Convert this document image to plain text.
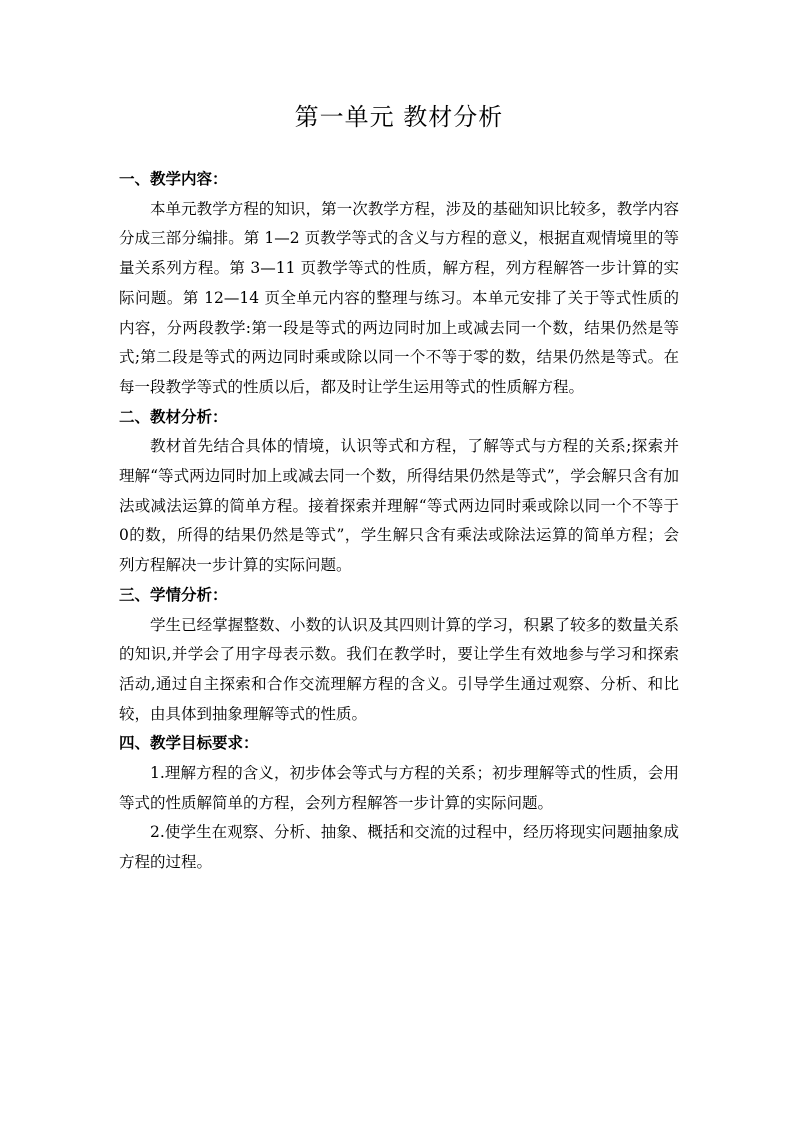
第一单元 教材分析

一、教学内容：

本单元教学方程的知识，第一次教学方程，涉及的基础知识比较多，教学内容分成三部分编排。第 1—2 页教学等式的含义与方程的意义，根据直观情境里的等量关系列方程。第 3—11 页教学等式的性质，解方程，列方程解答一步计算的实际问题。第 12—14 页全单元内容的整理与练习。本单元安排了关于等式性质的内容，分两段教学:第一段是等式的两边同时加上或减去同一个数，结果仍然是等式;第二段是等式的两边同时乘或除以同一个不等于零的数，结果仍然是等式。在每一段教学等式的性质以后，都及时让学生运用等式的性质解方程。

二、教材分析：

教材首先结合具体的情境，认识等式和方程，了解等式与方程的关系;探索并理解“等式两边同时加上或减去同一个数，所得结果仍然是等式”，学会解只含有加法或减法运算的简单方程。接着探索并理解“等式两边同时乘或除以同一个不等于0的数，所得的结果仍然是等式”，学生解只含有乘法或除法运算的简单方程；会列方程解决一步计算的实际问题。

三、学情分析：

学生已经掌握整数、小数的认识及其四则计算的学习，积累了较多的数量关系的知识,并学会了用字母表示数。我们在教学时，要让学生有效地参与学习和探索活动,通过自主探索和合作交流理解方程的含义。引导学生通过观察、分析、和比较，由具体到抽象理解等式的性质。

四、教学目标要求：

1.理解方程的含义，初步体会等式与方程的关系；初步理解等式的性质，会用等式的性质解简单的方程，会列方程解答一步计算的实际问题。

2.使学生在观察、分析、抽象、概括和交流的过程中，经历将现实问题抽象成方程的过程。
